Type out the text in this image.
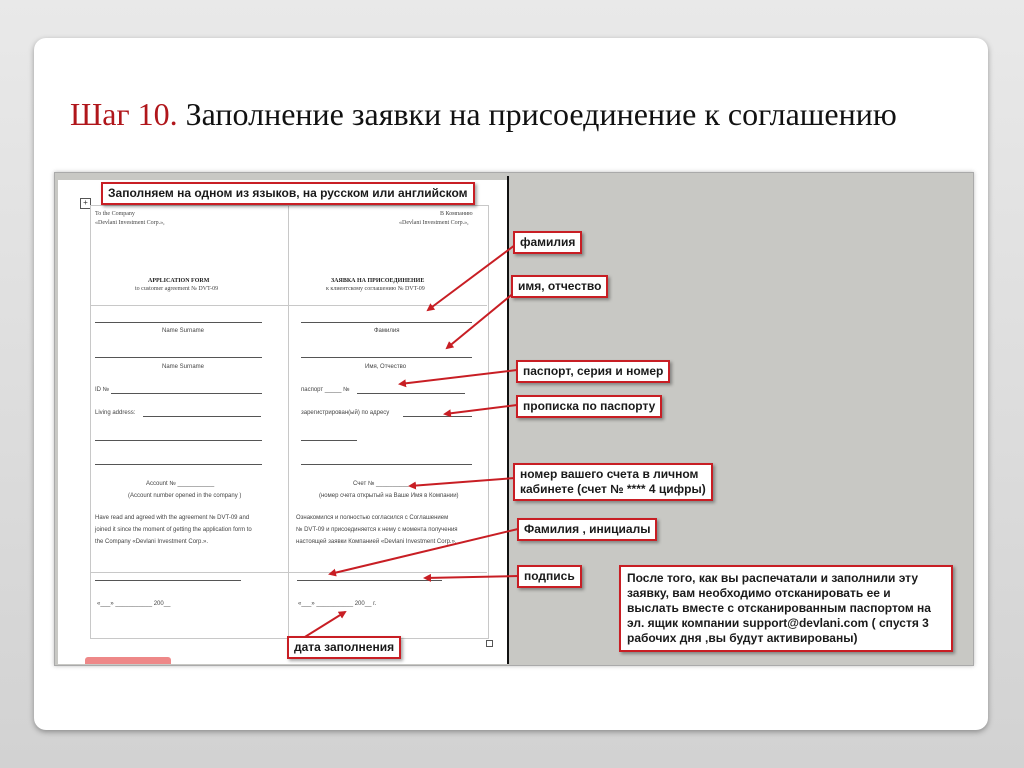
Шаг 10. Заполнение заявки на присоединение к соглашению
+
To the Company
«Devlani Investment Corp.»,
APPLICATION FORM
to customer agreement № DVT-09
Name Surname
Name Surname
ID №
Living address:
Account № ___________
(Account number opened in the company )
Have read and agreed with the agreement № DVT-09 and
joined it since the moment of getting the application form to
the Company «Devlani Investment Corp.».
«___» ___________ 200__
В Компанию
«Devlani Investment Corp.»,
ЗАЯВКА НА ПРИСОЕДИНЕНИЕ
к клиентскому соглашению № DVT-09
Фамилия
Имя, Отчество
паспорт _____ №
зарегистрирован(ый) по адресу
Счет № ___________
(номер счета открытый на Ваше Имя в Компании)
Ознакомился и полностью согласился с Соглашением
№ DVT-09 и присоединяется к нему с момента получения
настоящей заявки Компанией «Devlani Investment Corp.».
«___» ___________ 200__ г.
Заполняем на одном из языков, на русском или английском
фамилия
имя, отчество
паспорт, серия и номер
прописка по паспорту
номер вашего счета в личном
кабинете (счет № **** 4 цифры)
Фамилия , инициалы
подпись
дата заполнения
После того, как вы распечатали и заполнили эту заявку, вам необходимо отсканировать ее и выслать вместе с отсканированным паспортом на эл. ящик компании support@devlani.com ( спустя 3 рабочих дня ,вы будут активированы)
